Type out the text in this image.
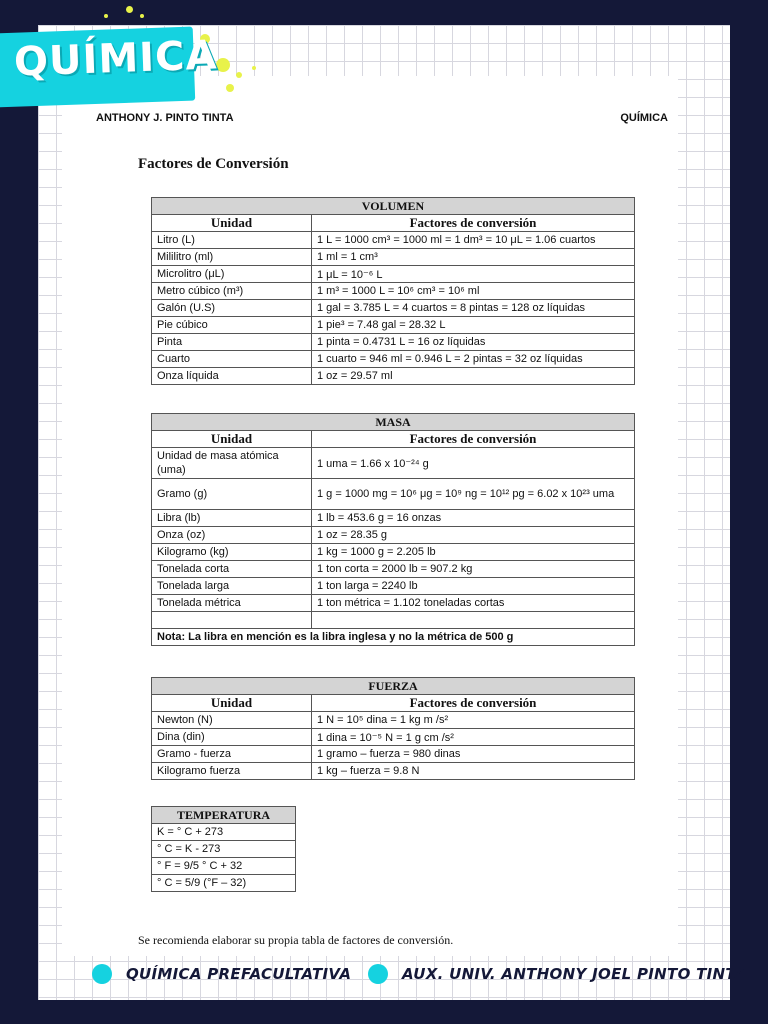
QUÍMICA
ANTHONY J. PINTO TINTA	QUÍMICA
Factores de Conversión
VOLUMEN	
Unidad	Factores de conversión
Litro (L)	1 L = 1000 cm³ = 1000 ml = 1 dm³ = 10 μL = 1.06 cuartos
Mililitro (ml)	1 ml = 1 cm³
Microlitro (μL)	1 μL = 10⁻⁶ L
Metro cúbico (m³)	1 m³ = 1000 L = 10⁶ cm³ = 10⁶ ml
Galón (U.S)	1 gal = 3.785 L = 4 cuartos = 8 pintas = 128 oz líquidas
Pie cúbico	1 pie³ = 7.48 gal = 28.32 L
Pinta	1 pinta = 0.4731 L = 16 oz líquidas
Cuarto	1 cuarto = 946 ml = 0.946 L = 2 pintas = 32 oz líquidas
Onza líquida	1 oz = 29.57 ml
MASA	
Unidad	Factores de conversión
Unidad de masa atómica (uma)	1 uma = 1.66 x 10⁻²⁴ g
Gramo (g)	1 g = 1000 mg = 10⁶ μg = 10⁹ ng = 10¹² pg = 6.02 x 10²³ uma
Libra (lb)	1 lb = 453.6 g = 16 onzas
Onza (oz)	1 oz = 28.35 g
Kilogramo (kg)	1 kg = 1000 g = 2.205 lb
Tonelada corta	1 ton corta = 2000 lb = 907.2 kg
Tonelada larga	1 ton larga = 2240 lb
Tonelada métrica	1 ton métrica = 1.102 toneladas cortas

Nota: La libra en mención es la libra inglesa y no la métrica de 500 g	
FUERZA	
Unidad	Factores de conversión
Newton (N)	1 N = 10⁵ dina = 1 kg m /s²
Dina (din)	1 dina = 10⁻⁵ N = 1 g cm /s²
Gramo - fuerza	1 gramo – fuerza = 980 dinas
Kilogramo fuerza	1 kg – fuerza = 9.8 N
TEMPERATURA
K = ° C + 273
° C = K - 273
° F = 9/5 ° C + 32
° C = 5/9 (°F – 32)
Se recomienda elaborar su propia tabla de factores de conversión.
QUÍMICA PREFACULTATIVA	AUX. UNIV. ANTHONY JOEL PINTO TINTA
